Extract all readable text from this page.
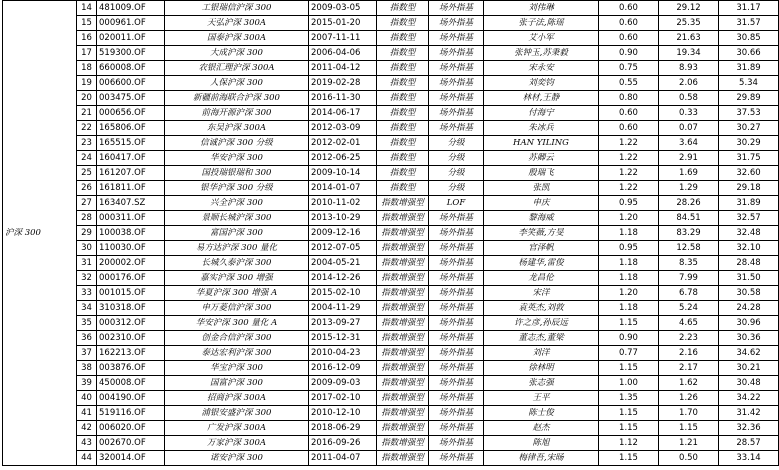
沪深 300	14	481009.OF	工银瑞信沪深 300	2009-03-05	指数型	场外指基	刘伟琳	0.60	29.12	31.17
	15	000961.OF	天弘沪深 300A	2015-01-20	指数型	场外指基	张子法,陈瑶	0.60	25.35	31.57
	16	020011.OF	国泰沪深 300A	2007-11-11	指数型	场外指基	艾小军	0.60	21.63	30.85
	17	519300.OF	大成沪深 300	2006-04-06	指数型	场外指基	张钟玉,苏秉毅	0.90	19.34	30.66
	18	660008.OF	农银汇理沪深 300A	2011-04-12	指数型	场外指基	宋永安	0.75	8.93	31.89
	19	006600.OF	人保沪深 300	2019-02-28	指数型	场外指基	刘奕钧	0.55	2.06	5.34
	20	003475.OF	新疆前海联合沪深 300	2016-11-30	指数型	场外指基	林材,王静	0.80	0.58	29.89
	21	000656.OF	前海开源沪深 300	2014-06-17	指数型	场外指基	付海宁	0.60	0.33	37.53
	22	165806.OF	东吴沪深 300A	2012-03-09	指数型	场外指基	朱冰兵	0.60	0.07	30.27
	23	165515.OF	信诚沪深 300 分级	2012-02-01	指数型	分级	HAN YILING	1.22	3.64	30.29
	24	160417.OF	华安沪深 300	2012-06-25	指数型	分级	苏卿云	1.22	2.91	31.75
	25	161207.OF	国投瑞银瑞和 300	2009-10-14	指数型	分级	殷瑞飞	1.22	1.69	32.60
	26	161811.OF	银华沪深 300 分级	2014-01-07	指数型	分级	张凯	1.22	1.29	29.18
	27	163407.SZ	兴全沪深 300	2010-11-02	指数增强型	LOF	申庆	0.95	28.26	31.89
	28	000311.OF	景顺长城沪深 300	2013-10-29	指数增强型	场外指基	黎海威	1.20	84.51	32.57
	29	100038.OF	富国沪深 300	2009-12-16	指数增强型	场外指基	李笑薇,方旻	1.18	83.29	32.48
	30	110030.OF	易方达沪深 300 量化	2012-07-05	指数增强型	场外指基	官泽帆	0.95	12.58	32.10
	31	200002.OF	长城久泰沪深 300	2004-05-21	指数增强型	场外指基	杨建华,雷俊	1.18	8.35	28.48
	32	000176.OF	嘉实沪深 300 增强	2014-12-26	指数增强型	场外指基	龙昌伦	1.18	7.99	31.50
	33	001015.OF	华夏沪深 300 增强 A	2015-02-10	指数增强型	场外指基	宋洋	1.20	6.78	30.58
	34	310318.OF	申万菱信沪深 300	2004-11-29	指数增强型	场外指基	袁英杰,刘敦	1.18	5.24	24.28
	35	000312.OF	华安沪深 300 量化 A	2013-09-27	指数增强型	场外指基	许之彦,孙辰远	1.15	4.65	30.96
	36	002310.OF	创金合信沪深 300	2015-12-31	指数增强型	场外指基	董志杰,董梁	0.90	2.23	30.36
	37	162213.OF	泰达宏利沪深 300	2010-04-23	指数增强型	场外指基	刘洋	0.77	2.16	34.62
	38	003876.OF	华宝沪深 300	2016-12-09	指数增强型	场外指基	徐林明	1.15	2.17	30.21
	39	450008.OF	国富沪深 300	2009-09-03	指数增强型	场外指基	张志强	1.00	1.62	30.48
	40	004190.OF	招商沪深 300A	2017-02-10	指数增强型	场外指基	王平	1.35	1.26	34.22
	41	519116.OF	浦银安盛沪深 300	2010-12-10	指数增强型	场外指基	陈士俊	1.15	1.70	31.42
	42	006020.OF	广发沪深 300A	2018-06-29	指数增强型	场外指基	赵杰	1.15	1.15	32.36
	43	002670.OF	万家沪深 300A	2016-09-26	指数增强型	场外指基	陈旭	1.12	1.21	28.57
	44	320014.OF	诺安沪深 300	2011-04-07	指数增强型	场外指基	梅律吾,宋旸	1.15	0.50	33.14
